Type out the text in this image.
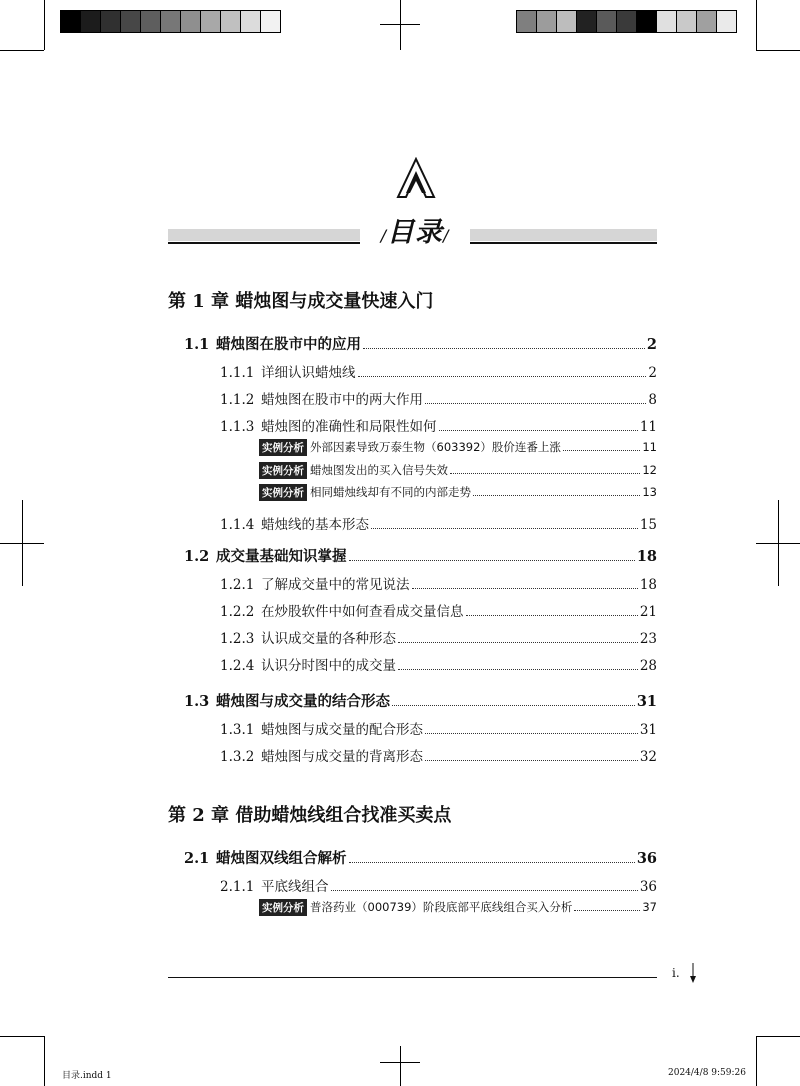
/目录/
第 1 章 蜡烛图与成交量快速入门
1.1 蜡烛图在股市中的应用	2
1.1.1 详细认识蜡烛线	2
1.1.2 蜡烛图在股市中的两大作用	8
1.1.3 蜡烛图的准确性和局限性如何	11
实例分析 外部因素导致万泰生物（603392）股价连番上涨	11
实例分析 蜡烛图发出的买入信号失效	12
实例分析 相同蜡烛线却有不同的内部走势	13
1.1.4 蜡烛线的基本形态	15
1.2 成交量基础知识掌握	18
1.2.1 了解成交量中的常见说法	18
1.2.2 在炒股软件中如何查看成交量信息	21
1.2.3 认识成交量的各种形态	23
1.2.4 认识分时图中的成交量	28
1.3 蜡烛图与成交量的结合形态	31
1.3.1 蜡烛图与成交量的配合形态	31
1.3.2 蜡烛图与成交量的背离形态	32
第 2 章 借助蜡烛线组合找准买卖点
2.1 蜡烛图双线组合解析	36
2.1.1 平底线组合	36
实例分析 普洛药业（000739）阶段底部平底线组合买入分析	37
i.
目录.indd 1	2024/4/8 9:59:26
